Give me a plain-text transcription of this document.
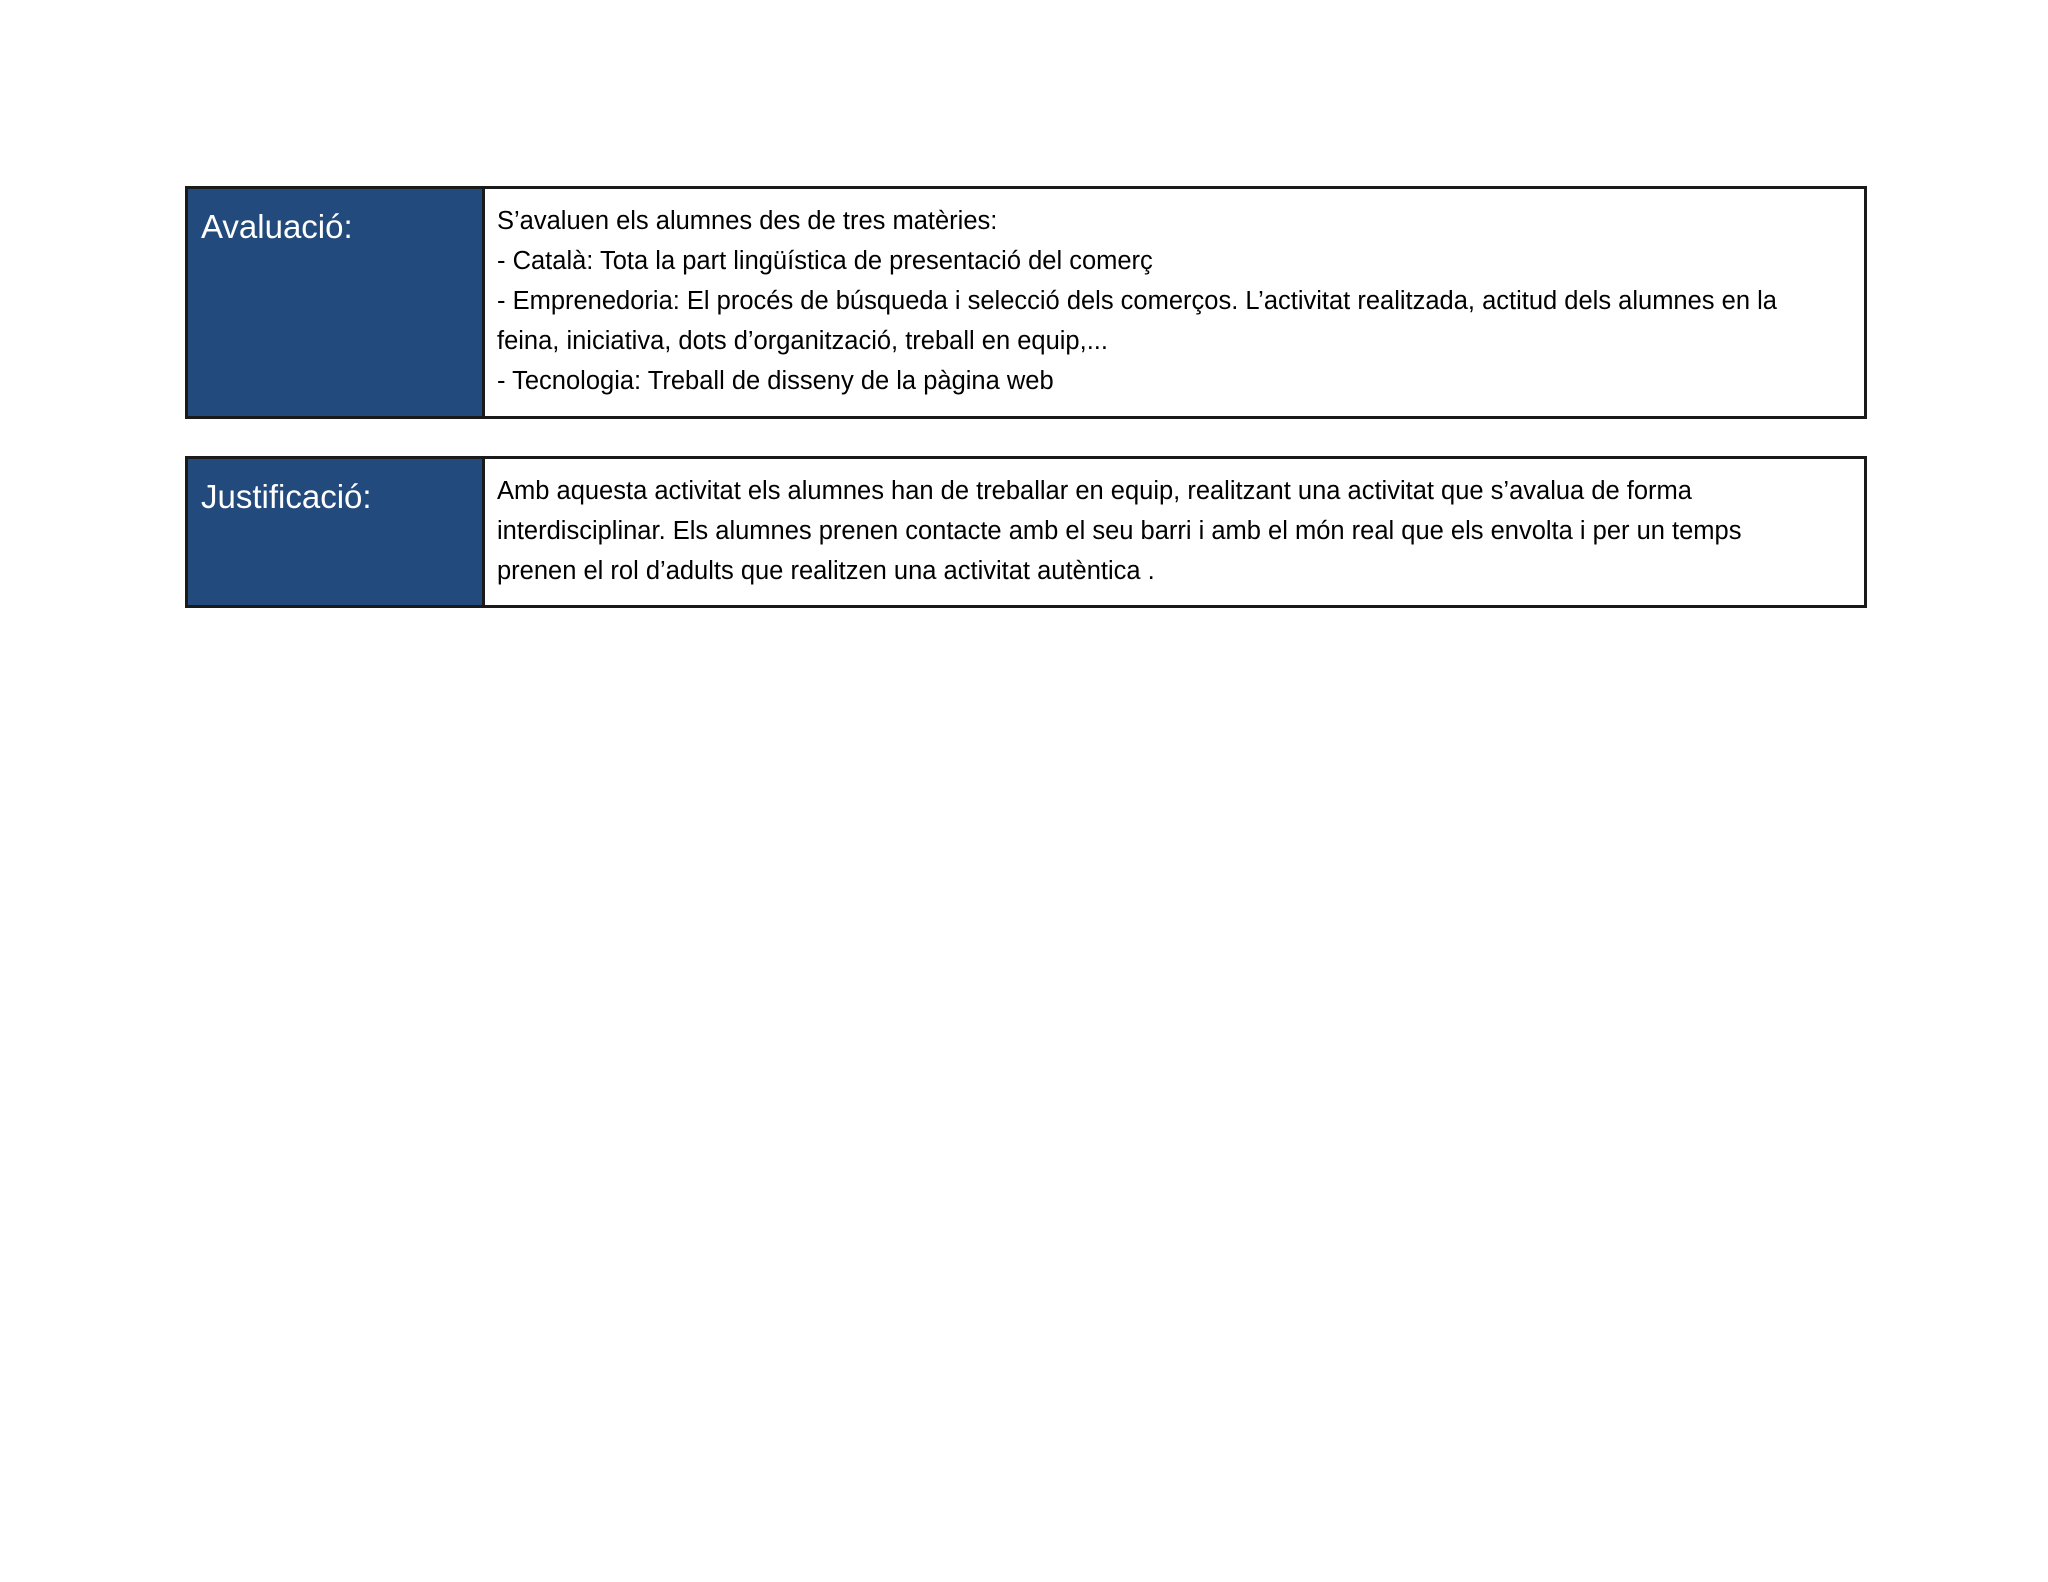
Avaluació:	S’avaluen els alumnes des de tres matèries:
- Català: Tota la part lingüística de presentació del comerç
- Emprenedoria: El procés de búsqueda i selecció dels comerços. L’activitat realitzada, actitud dels alumnes en la
feina, iniciativa, dots d’organització, treball en equip,...
- Tecnologia: Treball de disseny de la pàgina web
Justificació:	Amb aquesta activitat els alumnes han de treballar en equip, realitzant una activitat que s’avalua de forma
interdisciplinar. Els alumnes prenen contacte amb el seu barri i amb el món real que els envolta i per un temps
prenen el rol d’adults que realitzen una activitat autèntica .
